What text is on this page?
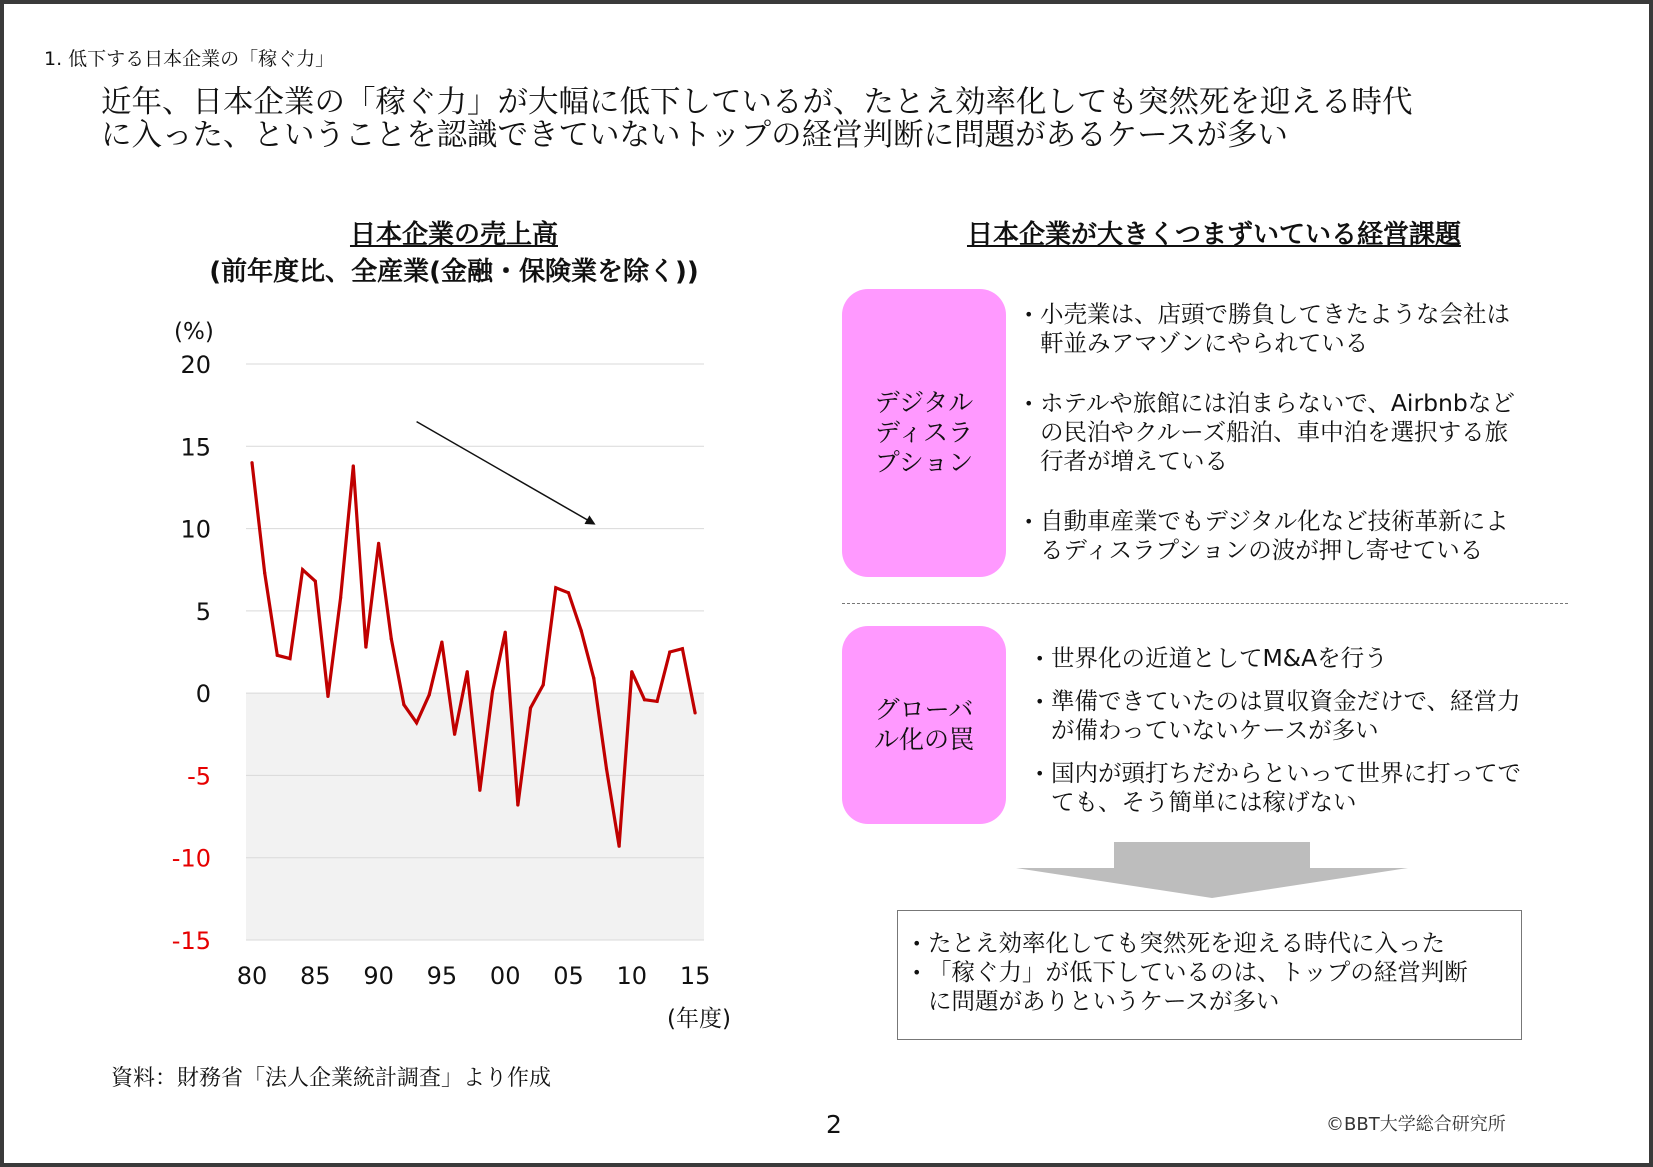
1. 低下する日本企業の「稼ぐ力」
近年、日本企業の「稼ぐ力」が大幅に低下しているが、たとえ効率化しても突然死を迎える時代
に入った、ということを認識できていないトップの経営判断に問題があるケースが多い
日本企業の売上高
(前年度比、全産業(金融・保険業を除く))
20
15
10
5
0
-5
-10
-15
80 85 90 95 00 05 10 15
(%)
(年度)
日本企業が大きくつまずいている経営課題
デジタル
ディスラ
プション
• 小売業は、店頭で勝負してきたような会社は
軒並みアマゾンにやられている
• ホテルや旅館には泊まらないで、Airbnbなど
の民泊やクルーズ船泊、車中泊を選択する旅
行者が増えている
• 自動車産業でもデジタル化など技術革新によ
るディスラプションの波が押し寄せている
グローバ
ル化の罠
• 世界化の近道としてM&Aを行う
• 準備できていたのは買収資金だけで、経営力
が備わっていないケースが多い
• 国内が頭打ちだからといって世界に打ってで
ても、そう簡単には稼げない
• たとえ効率化しても突然死を迎える時代に入った
• 「稼ぐ力」が低下しているのは、トップの経営判断
に問題がありというケースが多い
資料：財務省「法人企業統計調査」より作成
2	©BBT大学総合研究所
